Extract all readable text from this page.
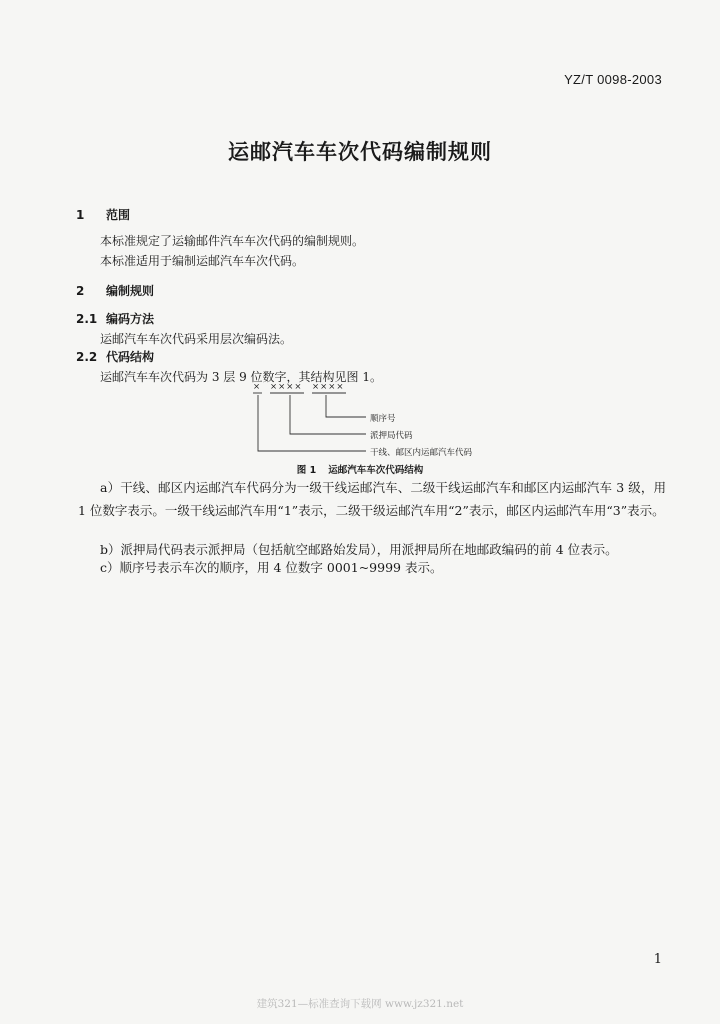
YZ/T 0098-2003
运邮汽车车次代码编制规则
1 范围
本标准规定了运输邮件汽车车次代码的编制规则。
本标准适用于编制运邮汽车车次代码。
2 编制规则
2.1 编码方法
运邮汽车车次代码采用层次编码法。
2.2 代码结构
运邮汽车车次代码为 3 层 9 位数字，其结构见图 1。
× ×××× ××××
顺序号
派押局代码
干线、邮区内运邮汽车代码
图 1 运邮汽车车次代码结构
a）干线、邮区内运邮汽车代码分为一级干线运邮汽车、二级干线运邮汽车和邮区内运邮汽车 3 级，用 1 位数字表示。一级干线运邮汽车用“1”表示，二级干级运邮汽车用“2”表示，邮区内运邮汽车用“3”表示。
b）派押局代码表示派押局（包括航空邮路始发局），用派押局所在地邮政编码的前 4 位表示。
c）顺序号表示车次的顺序，用 4 位数字 0001~9999 表示。
1
建筑321—标准查询下载网 www.jz321.net
